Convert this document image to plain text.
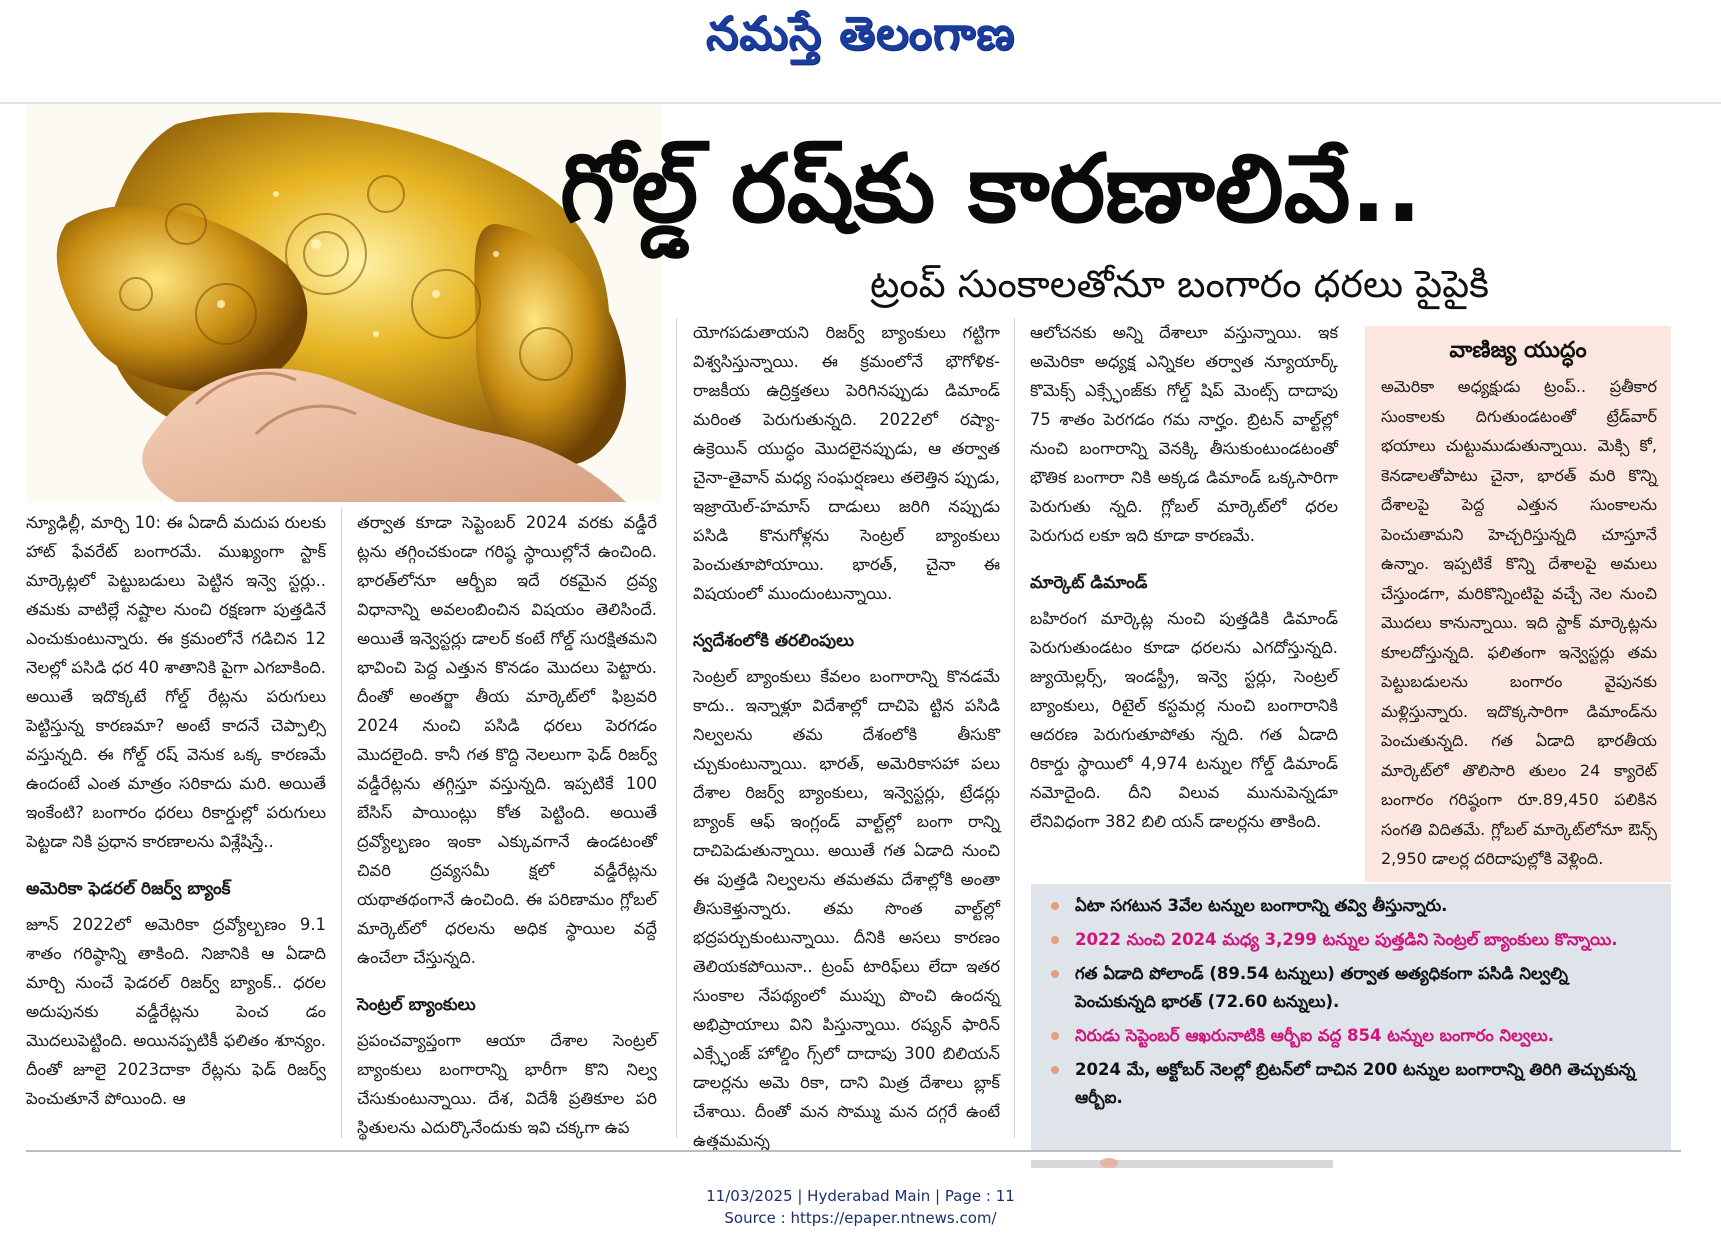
నమస్తే తెలంగాణ
గోల్డ్ రష్‌కు కారణాలివే..
ట్రంప్ సుంకాలతోనూ బంగారం ధరలు పైపైకి

న్యూఢిల్లీ, మార్చి 10: ఈ ఏడాదీ మదుప రులకు హాట్ ఫేవరేట్ బంగారమే. ముఖ్యంగా స్టాక్ మార్కెట్లలో పెట్టుబడులు పెట్టిన ఇన్వె స్టర్లు.. తమకు వాటిల్లే నష్టాల నుంచి రక్షణగా పుత్తడినే ఎంచుకుంటున్నారు. ఈ క్రమంలోనే గడిచిన 12 నెలల్లో పసిడి ధర 40 శాతానికి పైగా ఎగబాకింది. అయితే ఇదొక్కటే గోల్డ్ రేట్లను పరుగులు పెట్టిస్తున్న కారణమా? అంటే కాదనే చెప్పాల్సి వస్తున్నది. ఈ గోల్డ్ రష్ వెనుక ఒక్క కారణమే ఉందంటే ఎంత మాత్రం సరికాదు మరి. అయితే ఇంకేంటి? బంగారం ధరలు రికార్డుల్లో పరుగులు పెట్టడా నికి ప్రధాన కారణాలను విశ్లేషిస్తే..

అమెరికా ఫెడరల్ రిజర్వ్ బ్యాంక్

జూన్ 2022లో అమెరికా ద్రవ్యోల్బణం 9.1 శాతం గరిష్ఠాన్ని తాకింది. నిజానికి ఆ ఏడాది మార్చి నుంచే ఫెడరల్ రిజర్వ్ బ్యాంక్.. ధరల అదుపునకు వడ్డీరేట్లను పెంచ డం మొదలుపెట్టింది. అయినప్పటికీ ఫలితం శూన్యం. దీంతో జూలై 2023దాకా రేట్లను ఫెడ్ రిజర్వ్ పెంచుతూనే పోయింది. ఆ

తర్వాత కూడా సెప్టెంబర్ 2024 వరకు వడ్డీరే ట్లను తగ్గించకుండా గరిష్ఠ స్థాయిల్లోనే ఉంచింది. భారత్‌లోనూ ఆర్బీఐ ఇదే రకమైన ద్రవ్య విధానాన్ని అవలంబించిన విషయం తెలిసిందే. అయితే ఇన్వెస్టర్లు డాలర్ కంటే గోల్డ్ సురక్షితమని భావించి పెద్ద ఎత్తున కొనడం మొదలు పెట్టారు. దీంతో అంతర్జా తీయ మార్కెట్‌లో ఫిబ్రవరి 2024 నుంచి పసిడి ధరలు పెరగడం మొదలైంది. కానీ గత కొద్ది నెలలుగా ఫెడ్ రిజర్వ్ వడ్డీరేట్లను తగ్గిస్తూ వస్తున్నది. ఇప్పటికే 100 బేసిస్ పాయింట్లు కోత పెట్టింది. అయితే ద్రవ్యోల్బణం ఇంకా ఎక్కువగానే ఉండటంతో చివరి ద్రవ్యసమీ క్షలో వడ్డీరేట్లను యథాతథంగానే ఉంచింది. ఈ పరిణామం గ్లోబల్ మార్కెట్‌లో ధరలను అధిక స్థాయిల వద్దే ఉంచేలా చేస్తున్నది.

సెంట్రల్ బ్యాంకులు

ప్రపంచవ్యాప్తంగా ఆయా దేశాల సెంట్రల్ బ్యాంకులు బంగారాన్ని భారీగా కొని నిల్వ చేసుకుంటున్నాయి. దేశ, విదేశీ ప్రతికూల పరి స్థితులను ఎదుర్కొనేందుకు ఇవి చక్కగా ఉప

యోగపడుతాయని రిజర్వ్ బ్యాంకులు గట్టిగా విశ్వసిస్తున్నాయి. ఈ క్రమంలోనే భౌగోళిక-రాజకీయ ఉద్రిక్తతలు పెరిగినప్పుడు డిమాండ్ మరింత పెరుగుతున్నది. 2022లో రష్యా-ఉక్రెయిన్ యుద్ధం మొదలైనప్పుడు, ఆ తర్వాత చైనా-తైవాన్ మధ్య సంఘర్షణలు తలెత్తిన ప్పుడు, ఇజ్రాయెల్-హమాస్ దాడులు జరిగి నప్పుడు పసిడి కొనుగోళ్లను సెంట్రల్ బ్యాంకులు పెంచుతూపోయాయి. భారత్, చైనా ఈ విషయంలో ముందుంటున్నాయి.

స్వదేశంలోకి తరలింపులు

సెంట్రల్ బ్యాంకులు కేవలం బంగారాన్ని కొనడమే కాదు.. ఇన్నాళ్లూ విదేశాల్లో దాచిపె ట్టిన పసిడి నిల్వలను తమ దేశంలోకి తీసుకొ చ్చుకుంటున్నాయి. భారత్, అమెరికాసహా పలు దేశాల రిజర్వ్ బ్యాంకులు, ఇన్వెస్టర్లు, ట్రేడర్లు బ్యాంక్ ఆఫ్ ఇంగ్లండ్ వాల్ట్‌ల్లో బంగా రాన్ని దాచిపెడుతున్నాయి. అయితే గత ఏడాది నుంచి ఈ పుత్తడి నిల్వలను తమతమ దేశాల్లోకి అంతా తీసుకెళ్తున్నారు. తమ సొంత వాల్ట్‌ల్లో భద్రపర్చుకుంటున్నాయి. దీనికి అసలు కారణం తెలియకపోయినా.. ట్రంప్ టారిఫ్‌లు లేదా ఇతర సుంకాల నేపథ్యంలో ముప్పు పొంచి ఉందన్న అభిప్రాయాలు విని పిస్తున్నాయి. రష్యన్ ఫారిన్ ఎక్స్ఛేంజ్ హోల్డిం గ్స్‌లో దాదాపు 300 బిలియన్ డాలర్లను అమె రికా, దాని మిత్ర దేశాలు బ్లాక్ చేశాయి. దీంతో మన సొమ్ము మన దగ్గరే ఉంటే ఉత్తమమన్న

ఆలోచనకు అన్ని దేశాలూ వస్తున్నాయి. ఇక అమెరికా అధ్యక్ష ఎన్నికల తర్వాత న్యూయార్క్ కొమెక్స్ ఎక్స్ఛేంజ్‌కు గోల్డ్ షిప్ మెంట్స్ దాదాపు 75 శాతం పెరగడం గమ నార్హం. బ్రిటన్ వాల్ట్‌ల్లో నుంచి బంగారాన్ని వెనక్కి తీసుకుంటుండటంతో భౌతిక బంగారా నికి అక్కడ డిమాండ్ ఒక్కసారిగా పెరుగుతు న్నది. గ్లోబల్ మార్కెట్‌లో ధరల పెరుగుద లకూ ఇది కూడా కారణమే.

మార్కెట్ డిమాండ్

బహిరంగ మార్కెట్ల నుంచి పుత్తడికి డిమాండ్ పెరుగుతుండటం కూడా ధరలను ఎగదోస్తున్నది. జ్యుయెల్లర్స్, ఇండస్ట్రీ, ఇన్వె స్టర్లు, సెంట్రల్ బ్యాంకులు, రిటైల్ కస్టమర్ల నుంచి బంగారానికి ఆదరణ పెరుగుతూపోతు న్నది. గత ఏడాది రికార్డు స్థాయిలో 4,974 టన్నుల గోల్డ్ డిమాండ్ నమోదైంది. దీని విలువ మునుపెన్నడూ లేనివిధంగా 382 బిలి యన్ డాలర్లను తాకింది.

వాణిజ్య యుద్ధం
అమెరికా అధ్యక్షుడు ట్రంప్.. ప్రతీకార సుంకాలకు దిగుతుండటంతో ట్రేడ్‌వార్ భయాలు చుట్టుముడుతున్నాయి. మెక్సి కో, కెనడాలతోపాటు చైనా, భారత్ మరి కొన్ని దేశాలపై పెద్ద ఎత్తున సుంకాలను పెంచుతామని హెచ్చరిస్తున్నది చూస్తూనే ఉన్నాం. ఇప్పటికే కొన్ని దేశాలపై అమలు చేస్తుండగా, మరికొన్నింటిపై వచ్చే నెల నుంచి మొదలు కానున్నాయి. ఇది స్టాక్ మార్కెట్లను కూలదోస్తున్నది. ఫలితంగా ఇన్వెస్టర్లు తమ పెట్టుబడులను బంగారం వైపునకు మళ్లిస్తున్నారు. ఇదొక్కసారిగా డిమాండ్‌ను పెంచుతున్నది. గత ఏడాది భారతీయ మార్కెట్‌లో తొలిసారి తులం 24 క్యారెట్ బంగారం గరిష్ఠంగా రూ.89,450 పలికిన సంగతి విదితమే. గ్లోబల్ మార్కెట్‌లోనూ ఔన్స్ 2,950 డాలర్ల దరిదాపుల్లోకి వెళ్లింది.
ఏటా సగటున 3వేల టన్నుల బంగారాన్ని తవ్వి తీస్తున్నారు.
2022 నుంచి 2024 మధ్య 3,299 టన్నుల పుత్తడిని సెంట్రల్ బ్యాంకులు కొన్నాయి.
గత ఏడాది పోలాండ్ (89.54 టన్నులు) తర్వాత అత్యధికంగా పసిడి నిల్వల్ని పెంచుకున్నది భారత్ (72.60 టన్నులు).
నిరుడు సెప్టెంబర్ ఆఖరునాటికి ఆర్బీఐ వద్ద 854 టన్నుల బంగారం నిల్వలు.
2024 మే, అక్టోబర్ నెలల్లో బ్రిటన్‌లో దాచిన 200 టన్నుల బంగారాన్ని తిరిగి తెచ్చుకున్న ఆర్బీఐ.
11/03/2025 | Hyderabad Main | Page : 11
Source : https://epaper.ntnews.com/
